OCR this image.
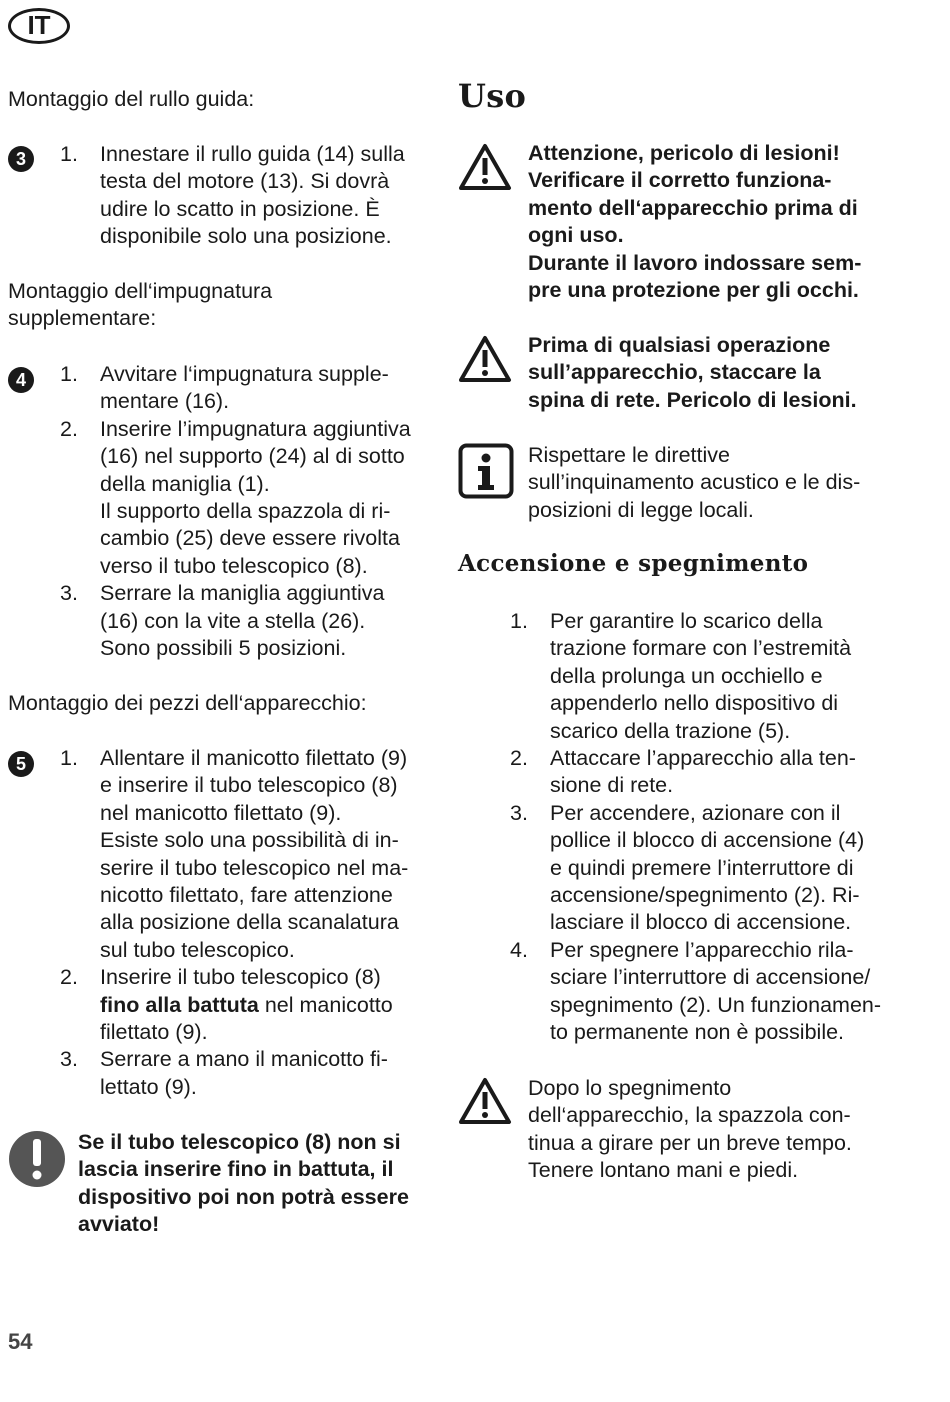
IT
Montaggio del rullo guida:
3	1. Innestare il rullo guida (14) sulla
testa del motore (13). Si dovrà
udire lo scatto in posizione. È
disponibile solo una posizione.
Montaggio dell‘impugnatura
supplementare:
4	1. Avvitare l‘impugnatura supple-
mentare (16).
2. Inserire l’impugnatura aggiuntiva
(16) nel supporto (24) al di sotto
della maniglia (1).
Il supporto della spazzola di ri-
cambio (25) deve essere rivolta
verso il tubo telescopico (8).
3. Serrare la maniglia aggiuntiva
(16) con la vite a stella (26).
Sono possibili 5 posizioni.
Montaggio dei pezzi dell‘apparecchio:
5	1. Allentare il manicotto filettato (9)
e inserire il tubo telescopico (8)
nel manicotto filettato (9).
Esiste solo una possibilità di in-
serire il tubo telescopico nel ma-
nicotto filettato, fare attenzione
alla posizione della scanalatura
sul tubo telescopico.
2. Inserire il tubo telescopico (8)
fino alla battuta nel manicotto
filettato (9).
3. Serrare a mano il manicotto fi-
lettato (9).
Se il tubo telescopico (8) non si
lascia inserire fino in battuta, il
dispositivo poi non potrà essere
avviato!
Uso
Attenzione, pericolo di lesioni!
Verificare il corretto funziona-
mento dell‘apparecchio prima di
ogni uso.
Durante il lavoro indossare sem-
pre una protezione per gli occhi.
Prima di qualsiasi operazione
sull’apparecchio, staccare la
spina di rete. Pericolo di lesioni.
Rispettare le direttive
sull’inquinamento acustico e le dis-
posizioni di legge locali.
Accensione e spegnimento
1. Per garantire lo scarico della
trazione formare con l’estremità
della prolunga un occhiello e
appenderlo nello dispositivo di
scarico della trazione (5).
2. Attaccare l’apparecchio alla ten-
sione di rete.
3. Per accendere, azionare con il
pollice il blocco di accensione (4)
e quindi premere l’interruttore di
accensione/spegnimento (2). Ri-
lasciare il blocco di accensione.
4. Per spegnere l’apparecchio rila-
sciare l’interruttore di accensione/
spegnimento (2). Un funzionamen-
to permanente non è possibile.
Dopo lo spegnimento
dell‘apparecchio, la spazzola con-
tinua a girare per un breve tempo.
Tenere lontano mani e piedi.
54
